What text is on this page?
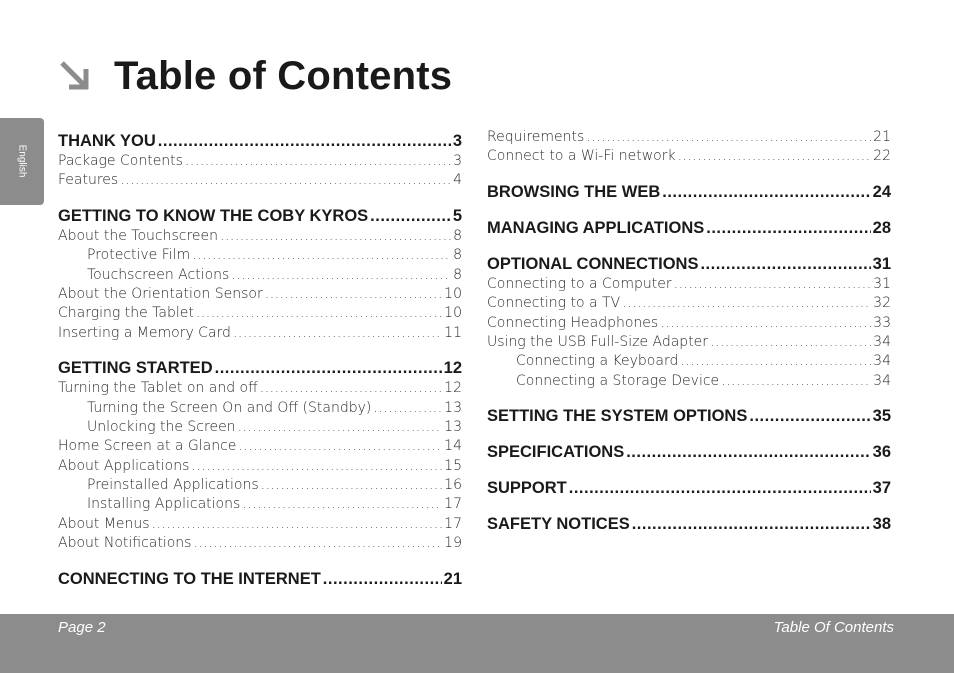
Table of Contents
English
THANK YOU .....	3
Package Contents .....	3
Features .....	4
GETTING TO KNOW THE COBY KYROS .....	5
About the Touchscreen .....	8
Protective Film .....	8
Touchscreen Actions .....	8
About the Orientation Sensor .....	10
Charging the Tablet .....	10
Inserting a Memory Card .....	11
GETTING STARTED .....	12
Turning the Tablet on and off .....	12
Turning the Screen On and Off (Standby) .....	13
Unlocking the Screen .....	13
Home Screen at a Glance .....	14
About Applications .....	15
Preinstalled Applications .....	16
Installing Applications .....	17
About Menus .....	17
About Notifications .....	19
CONNECTING TO THE INTERNET .....	21
Requirements .....	21
Connect to a Wi-Fi network .....	22
BROWSING THE WEB .....	24
MANAGING APPLICATIONS .....	28
OPTIONAL CONNECTIONS .....	31
Connecting to a Computer .....	31
Connecting to a TV .....	32
Connecting Headphones .....	33
Using the USB Full-Size Adapter .....	34
Connecting a Keyboard .....	34
Connecting a Storage Device .....	34
SETTING THE SYSTEM OPTIONS .....	35
SPECIFICATIONS .....	36
SUPPORT .....	37
SAFETY NOTICES .....	38
Page 2	Table Of Contents
